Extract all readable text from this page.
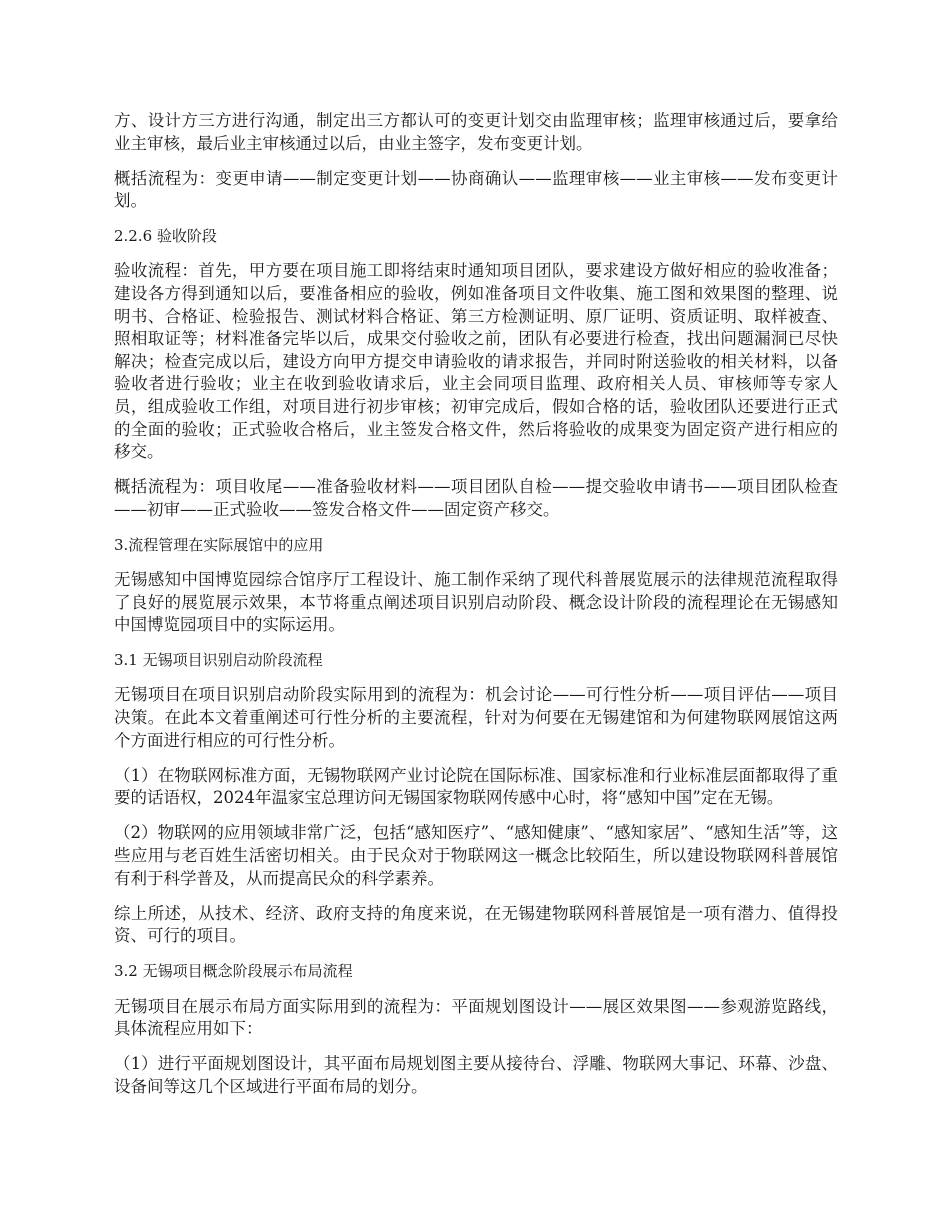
方、设计方三方进行沟通，制定出三方都认可的变更计划交由监理审核；监理审核通过后，要拿给业主审核，最后业主审核通过以后，由业主签字，发布变更计划。

概括流程为：变更申请——制定变更计划——协商确认——监理审核——业主审核——发布变更计划。

2.2.6 验收阶段

验收流程：首先，甲方要在项目施工即将结束时通知项目团队，要求建设方做好相应的验收准备；建设各方得到通知以后，要准备相应的验收，例如准备项目文件收集、施工图和效果图的整理、说明书、合格证、检验报告、测试材料合格证、第三方检测证明、原厂证明、资质证明、取样被查、照相取证等；材料准备完毕以后，成果交付验收之前，团队有必要进行检查，找出问题漏洞已尽快解决；检查完成以后，建设方向甲方提交申请验收的请求报告，并同时附送验收的相关材料，以备验收者进行验收；业主在收到验收请求后，业主会同项目监理、政府相关人员、审核师等专家人员，组成验收工作组，对项目进行初步审核；初审完成后，假如合格的话，验收团队还要进行正式的全面的验收；正式验收合格后，业主签发合格文件，然后将验收的成果变为固定资产进行相应的移交。

概括流程为：项目收尾——准备验收材料——项目团队自检——提交验收申请书——项目团队检查——初审——正式验收——签发合格文件——固定资产移交。

3.流程管理在实际展馆中的应用

无锡感知中国博览园综合馆序厅工程设计、施工制作采纳了现代科普展览展示的法律规范流程取得了良好的展览展示效果，本节将重点阐述项目识别启动阶段、概念设计阶段的流程理论在无锡感知中国博览园项目中的实际运用。

3.1 无锡项目识别启动阶段流程

无锡项目在项目识别启动阶段实际用到的流程为：机会讨论——可行性分析——项目评估——项目决策。在此本文着重阐述可行性分析的主要流程，针对为何要在无锡建馆和为何建物联网展馆这两个方面进行相应的可行性分析。

（1）在物联网标准方面，无锡物联网产业讨论院在国际标准、国家标准和行业标准层面都取得了重要的话语权，2024年温家宝总理访问无锡国家物联网传感中心时，将“感知中国”定在无锡。

（2）物联网的应用领域非常广泛，包括“感知医疗”、“感知健康”、“感知家居”、“感知生活”等，这些应用与老百姓生活密切相关。由于民众对于物联网这一概念比较陌生，所以建设物联网科普展馆有利于科学普及，从而提高民众的科学素养。

综上所述，从技术、经济、政府支持的角度来说，在无锡建物联网科普展馆是一项有潜力、值得投资、可行的项目。

3.2 无锡项目概念阶段展示布局流程

无锡项目在展示布局方面实际用到的流程为：平面规划图设计——展区效果图——参观游览路线，具体流程应用如下：

（1）进行平面规划图设计，其平面布局规划图主要从接待台、浮雕、物联网大事记、环幕、沙盘、设备间等这几个区域进行平面布局的划分。
